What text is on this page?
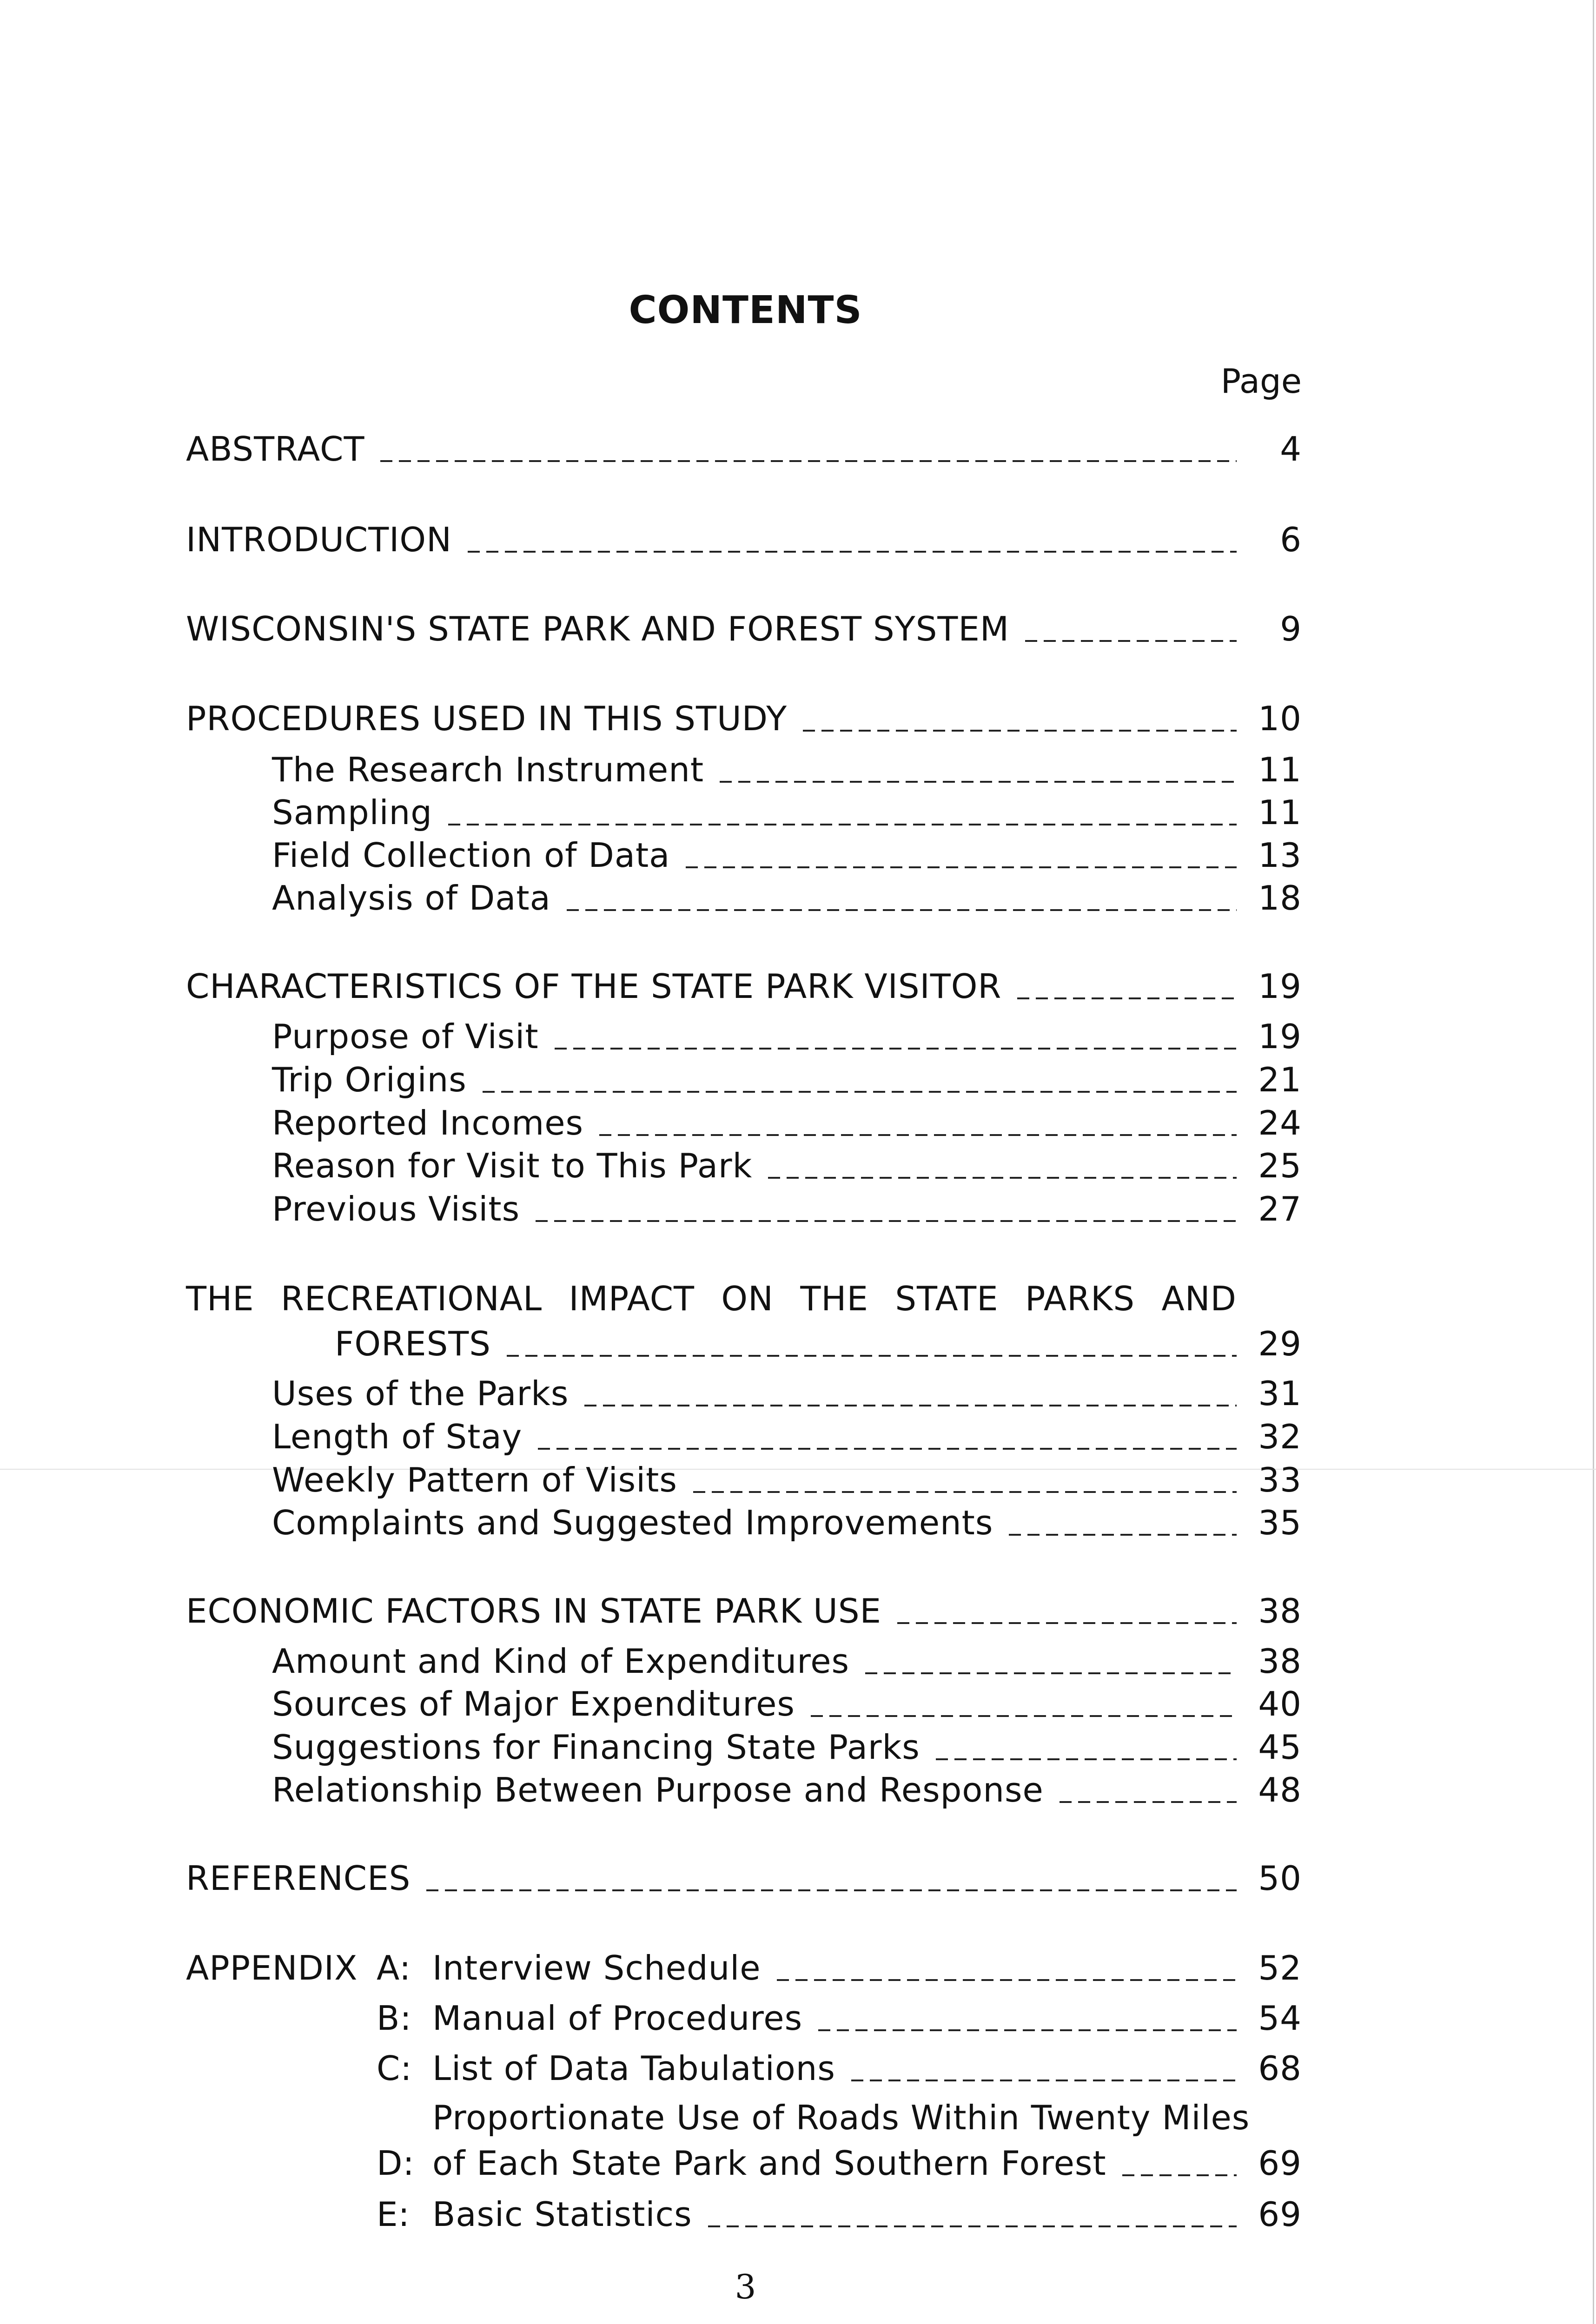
CONTENTS
Page
ABSTRACT	4
INTRODUCTION	6
WISCONSIN'S STATE PARK AND FOREST SYSTEM	9
PROCEDURES USED IN THIS STUDY	10
The Research Instrument	11
Sampling	11
Field Collection of Data	13
Analysis of Data	18
CHARACTERISTICS OF THE STATE PARK VISITOR	19
Purpose of Visit	19
Trip Origins	21
Reported Incomes	24
Reason for Visit to This Park	25
Previous Visits	27
THE RECREATIONAL IMPACT ON THE STATE PARKS AND
FORESTS	29
Uses of the Parks	31
Length of Stay	32
Weekly Pattern of Visits	33
Complaints and Suggested Improvements	35
ECONOMIC FACTORS IN STATE PARK USE	38
Amount and Kind of Expenditures	38
Sources of Major Expenditures	40
Suggestions for Financing State Parks	45
Relationship Between Purpose and Response	48
REFERENCES	50
APPENDIX A: Interview Schedule	52
B: Manual of Procedures	54
C: List of Data Tabulations	68
D:
Proportionate Use of Roads Within Twenty Miles
of Each State Park and Southern Forest	69
E: Basic Statistics	69
3
